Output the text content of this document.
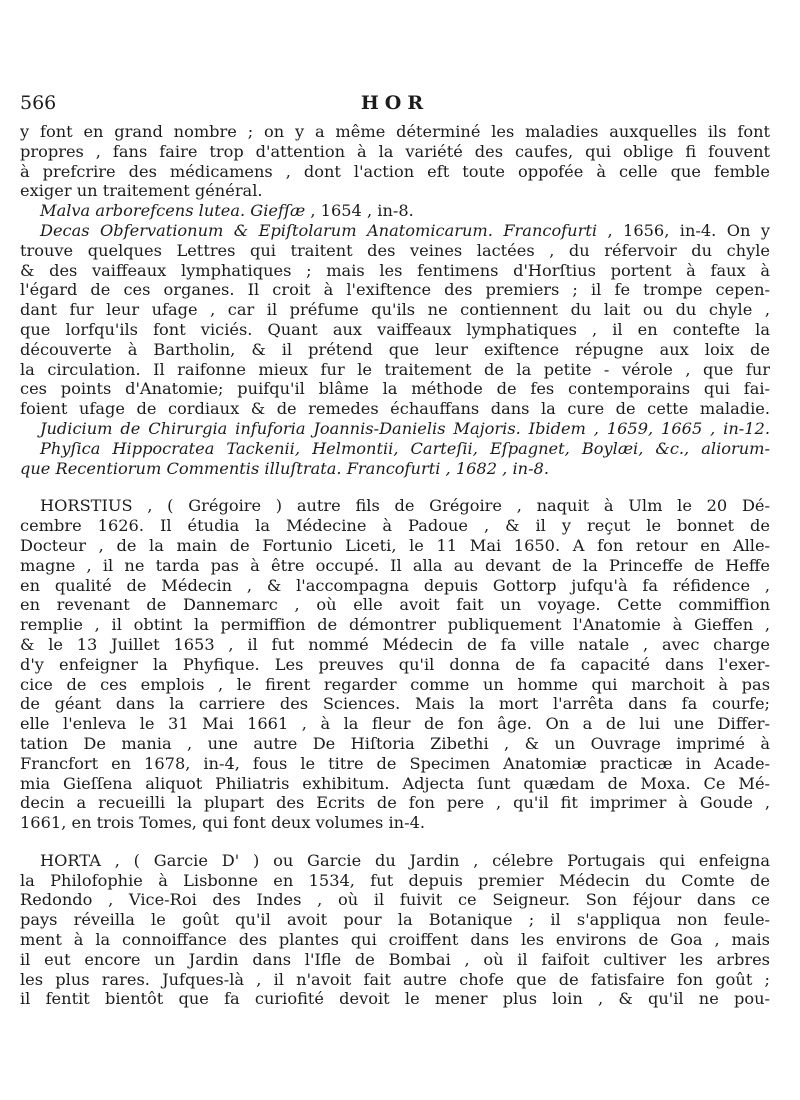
566	HOR
y font en grand nombre ; on y a même déterminé les maladies auxquelles ils font
propres , fans faire trop d'attention à la variété des caufes, qui oblige fi fouvent
à prefcrire des médicamens , dont l'action eft toute oppofée à celle que femble
exiger un traitement général.
Malva arborefcens lutea. Giefſæ , 1654 , in-8.
Decas Obfervationum & Epiſtolarum Anatomicarum. Francofurti , 1656, in-4. On y
trouve quelques Lettres qui traitent des veines lactées , du réfervoir du chyle
& des vaiffeaux lymphatiques ; mais les fentimens d'Horſtius portent à faux à
l'égard de ces organes. Il croit à l'exiftence des premiers ; il fe trompe cepen-
dant fur leur ufage , car il préfume qu'ils ne contiennent du lait ou du chyle ,
que lorfqu'ils font viciés. Quant aux vaiffeaux lymphatiques , il en contefte la
découverte à Bartholin, & il prétend que leur exiftence répugne aux loix de
la circulation. Il raifonne mieux fur le traitement de la petite - vérole , que fur
ces points d'Anatomie; puifqu'il blâme la méthode de fes contemporains qui fai-
foient ufage de cordiaux & de remedes échauffans dans la cure de cette maladie.
Judicium de Chirurgia infuforia Joannis-Danielis Majoris. Ibidem , 1659, 1665 , in-12.
Phyſica Hippocratea Tackenii, Helmontii, Carteſii, Eſpagnet, Boylæi, &c., aliorum-
que Recentiorum Commentis illuſtrata. Francofurti , 1682 , in-8.
HORSTIUS , ( Grégoire ) autre fils de Grégoire , naquit à Ulm le 20 Dé-
cembre 1626. Il étudia la Médecine à Padoue , & il y reçut le bonnet de
Docteur , de la main de Fortunio Liceti, le 11 Mai 1650. A fon retour en Alle-
magne , il ne tarda pas à être occupé. Il alla au devant de la Princeffe de Heffe
en qualité de Médecin , & l'accompagna depuis Gottorp jufqu'à fa réfidence ,
en revenant de Dannemarc , où elle avoit fait un voyage. Cette commiffion
remplie , il obtint la permiffion de démontrer publiquement l'Anatomie à Gieffen ,
& le 13 Juillet 1653 , il fut nommé Médecin de fa ville natale , avec charge
d'y enfeigner la Phyfique. Les preuves qu'il donna de fa capacité dans l'exer-
cice de ces emplois , le firent regarder comme un homme qui marchoit à pas
de géant dans la carriere des Sciences. Mais la mort l'arrêta dans fa courfe;
elle l'enleva le 31 Mai 1661 , à la fleur de fon âge. On a de lui une Differ-
tation De mania , une autre De Hiſtoria Zibethi , & un Ouvrage imprimé à
Francfort en 1678, in-4, fous le titre de Specimen Anatomiæ practicæ in Acade-
mia Gieſſena aliquot Philiatris exhibitum. Adjecta ſunt quædam de Moxa. Ce Mé-
decin a recueilli la plupart des Ecrits de fon pere , qu'il fit imprimer à Goude ,
1661, en trois Tomes, qui font deux volumes in-4.
HORTA , ( Garcie D' ) ou Garcie du Jardin , célebre Portugais qui enfeigna
la Philofophie à Lisbonne en 1534, fut depuis premier Médecin du Comte de
Redondo , Vice-Roi des Indes , où il fuivit ce Seigneur. Son féjour dans ce
pays réveilla le goût qu'il avoit pour la Botanique ; il s'appliqua non feule-
ment à la connoiffance des plantes qui croiffent dans les environs de Goa , mais
il eut encore un Jardin dans l'Ifle de Bombai , où il faifoit cultiver les arbres
les plus rares. Jufques-là , il n'avoit fait autre chofe que de fatisfaire fon goût ;
il fentit bientôt que fa curiofité devoit le mener plus loin , & qu'il ne pou-
